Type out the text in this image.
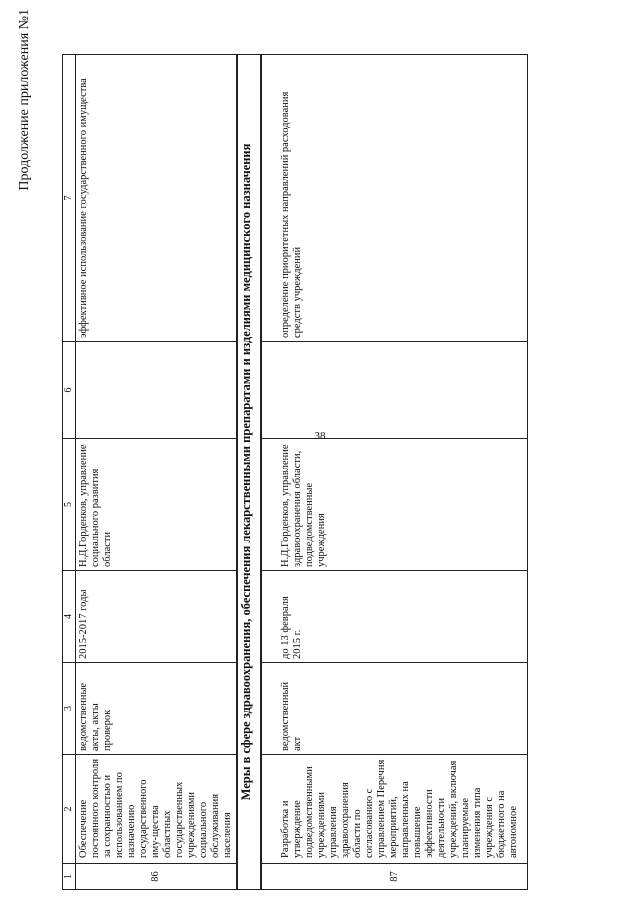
38
Продолжение приложения №1
1	2	3	4	5	6	7
86	Обеспечение постоянного контроля за сохранностью и использованием по назначению государственного иму-щества областных государственных учреждениями социального обслуживания населения	ведомственные акты, акты проверок	2015-2017 годы	Н.Д.Горденков, управление социального развития области		эффективное использование государственного имущества
Меры в сфере здравоохранения, обеспечения лекарственными препаратами и изделиями медицинского назначения						
87	Разработка и утверждение подведомственными учреждениями управления здравоохранения области по согласованию с управлением Перечня мероприятий, направленных на повышение эффективности деятельности учреждений, включая планируемые изменения типа учреждения с бюджетного на автономное	ведомственный акт	до 13 февраля 2015 г.	Н.Д.Горденков, управление здравоохранения области, подведомственные учреждения		определение приоритетных направлений расходования средств учреждений
